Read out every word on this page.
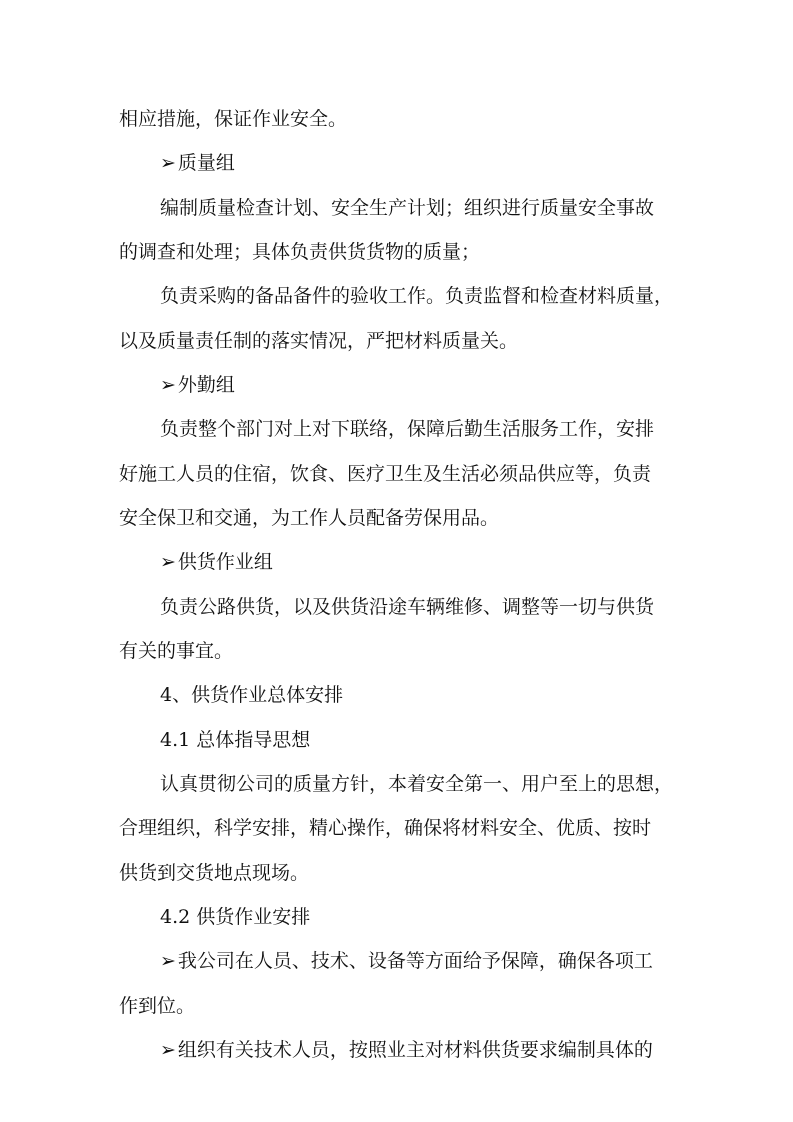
相应措施，保证作业安全。
➢ 质量组
编制质量检查计划、安全生产计划；组织进行质量安全事故
的调查和处理；具体负责供货货物的质量；
负责采购的备品备件的验收工作。负责监督和检查材料质量，
以及质量责任制的落实情况，严把材料质量关。
➢ 外勤组
负责整个部门对上对下联络，保障后勤生活服务工作，安排
好施工人员的住宿，饮食、医疗卫生及生活必须品供应等，负责
安全保卫和交通，为工作人员配备劳保用品。
➢ 供货作业组
负责公路供货，以及供货沿途车辆维修、调整等一切与供货
有关的事宜。
4、供货作业总体安排
4.1 总体指导思想
认真贯彻公司的质量方针，本着安全第一、用户至上的思想，
合理组织，科学安排，精心操作，确保将材料安全、优质、按时
供货到交货地点现场。
4.2 供货作业安排
➢ 我公司在人员、技术、设备等方面给予保障，确保各项工
作到位。
➢ 组织有关技术人员，按照业主对材料供货要求编制具体的
